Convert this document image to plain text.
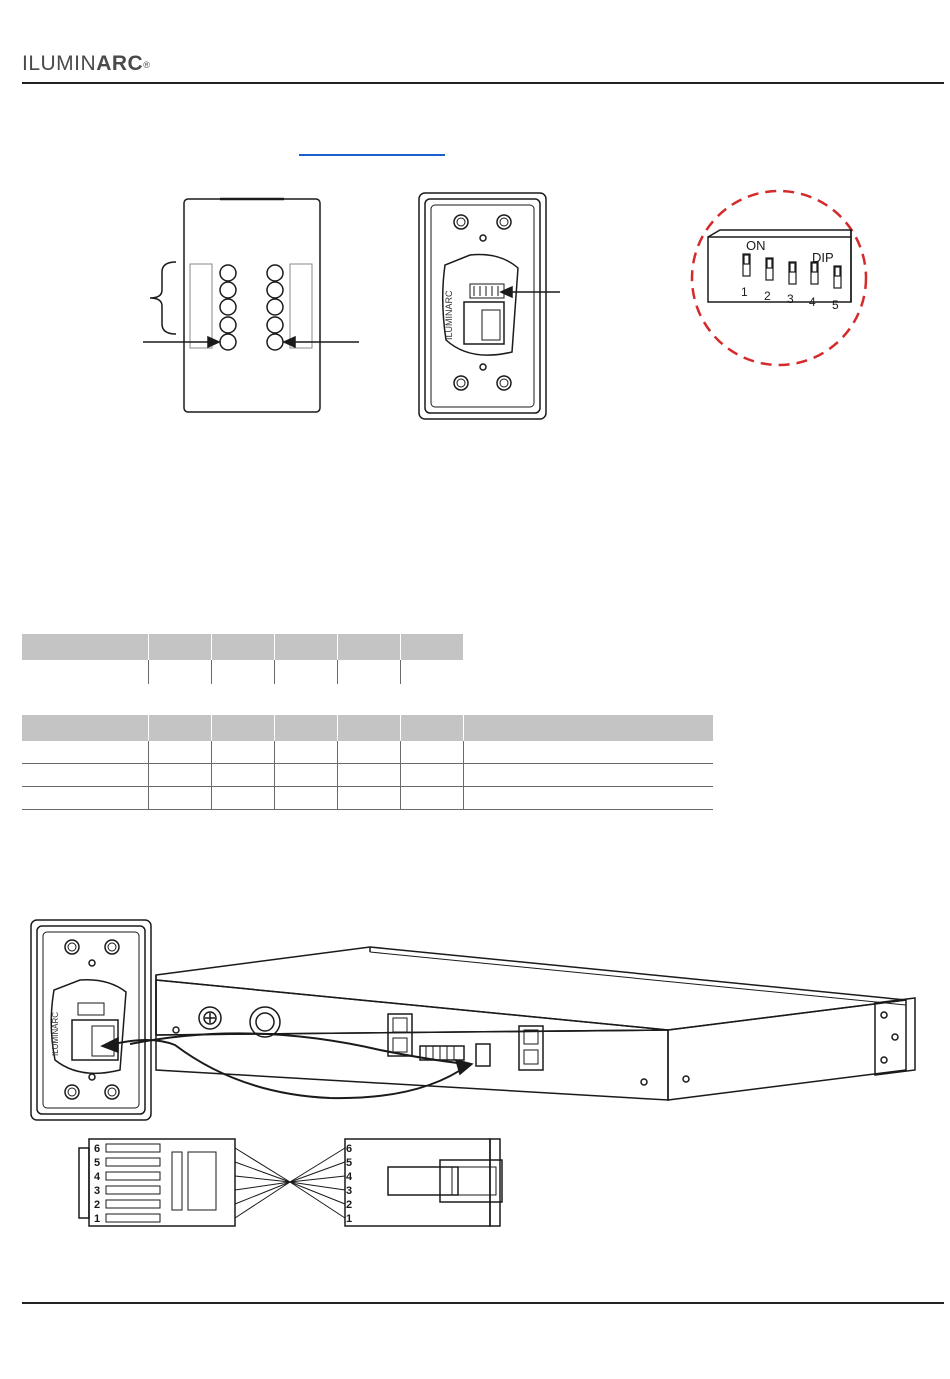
ILUMINARC®
ILUMINARC
ILUMINARC
ON
DIP
1 2 3 4 5
6
5
4
3
2
1
6
5
4
3
2
1
